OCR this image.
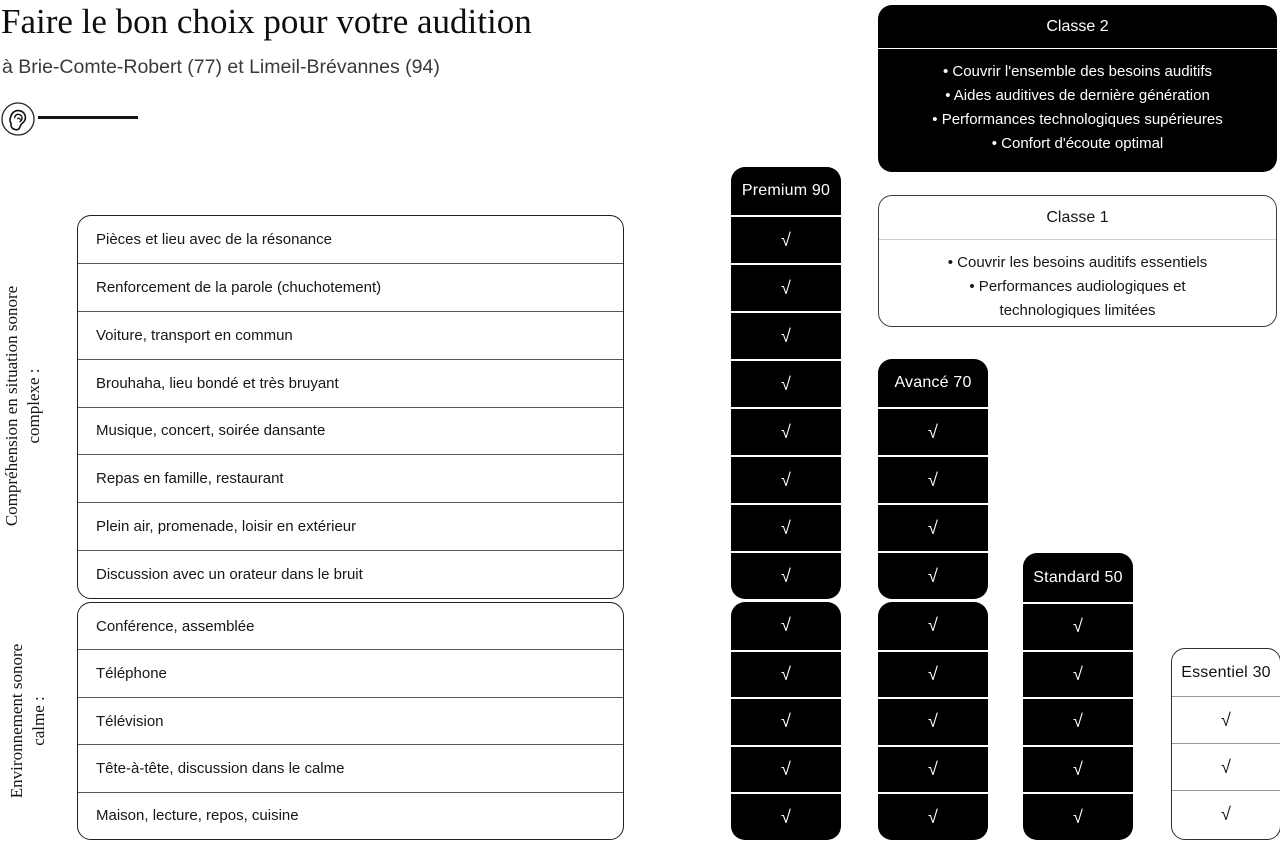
Faire le bon choix pour votre audition
à Brie-Comte-Robert (77) et Limeil-Brévannes (94)
Compréhension en situation sonore complexe :
Environnement sonore calme :
Pièces et lieu avec de la résonance
Renforcement de la parole (chuchotement)
Voiture, transport en commun
Brouhaha, lieu bondé et très bruyant
Musique, concert, soirée dansante
Repas en famille, restaurant
Plein air, promenade, loisir en extérieur
Discussion avec un orateur dans le bruit
Conférence, assemblée
Téléphone
Télévision
Tête-à-tête, discussion dans le calme
Maison, lecture, repos, cuisine
Premium 90
√
√
√
√
√
√
√
√
√
√
√
√
√
Avancé 70
√
√
√
√
√
√
√
√
√
Standard 50
√
√
√
√
√
Essentiel 30
√
√
√
Classe 2
• Couvrir l'ensemble des besoins auditifs
• Aides auditives de dernière génération
• Performances technologiques supérieures
• Confort d'écoute optimal
Classe 1
• Couvrir les besoins auditifs essentiels
• Performances audiologiques et
technologiques limitées
